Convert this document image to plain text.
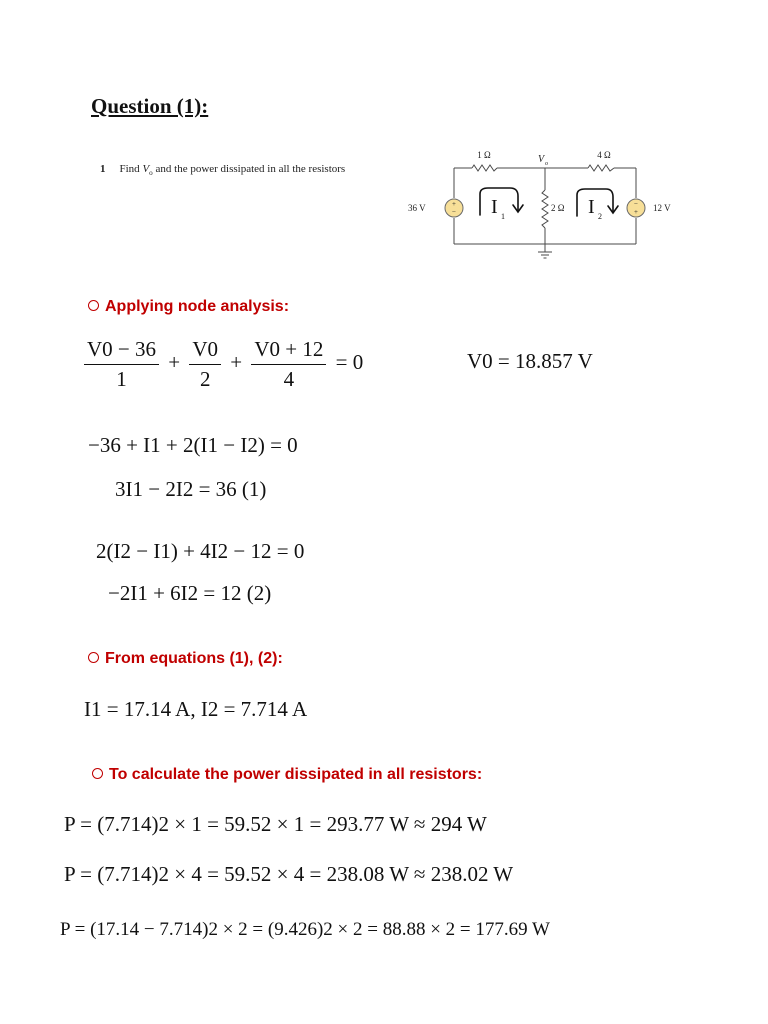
Question (1):
1 Find $V_o$ and the power dissipated in all the resistors
+
−
−
+
1 Ω	4 Ω
2 Ω
V o
36 V	12 V
I 1	I 2
Applying node analysis:
$\frac{V0 - 36}{1} + \frac{V0}{2} + \frac{V0 + 12}{4} = 0$	V0 = 18.857 V
−36 + I1 + 2(I1 − I2) = 0
3I1 − 2I2 = 36 (1)
2(I2 − I1) + 4I2 − 12 = 0
−2I1 + 6I2 = 12 (2)
From equations (1), (2):
I1 = 17.14 A, I2 = 7.714 A
To calculate the power dissipated in all resistors:
P = (7.714)2 × 1 = 59.52 × 1 = 293.77 W ≈ 294 W
P = (7.714)2 × 4 = 59.52 × 4 = 238.08 W ≈ 238.02 W
P = (17.14 − 7.714)2 × 2 = (9.426)2 × 2 = 88.88 × 2 = 177.69 W
